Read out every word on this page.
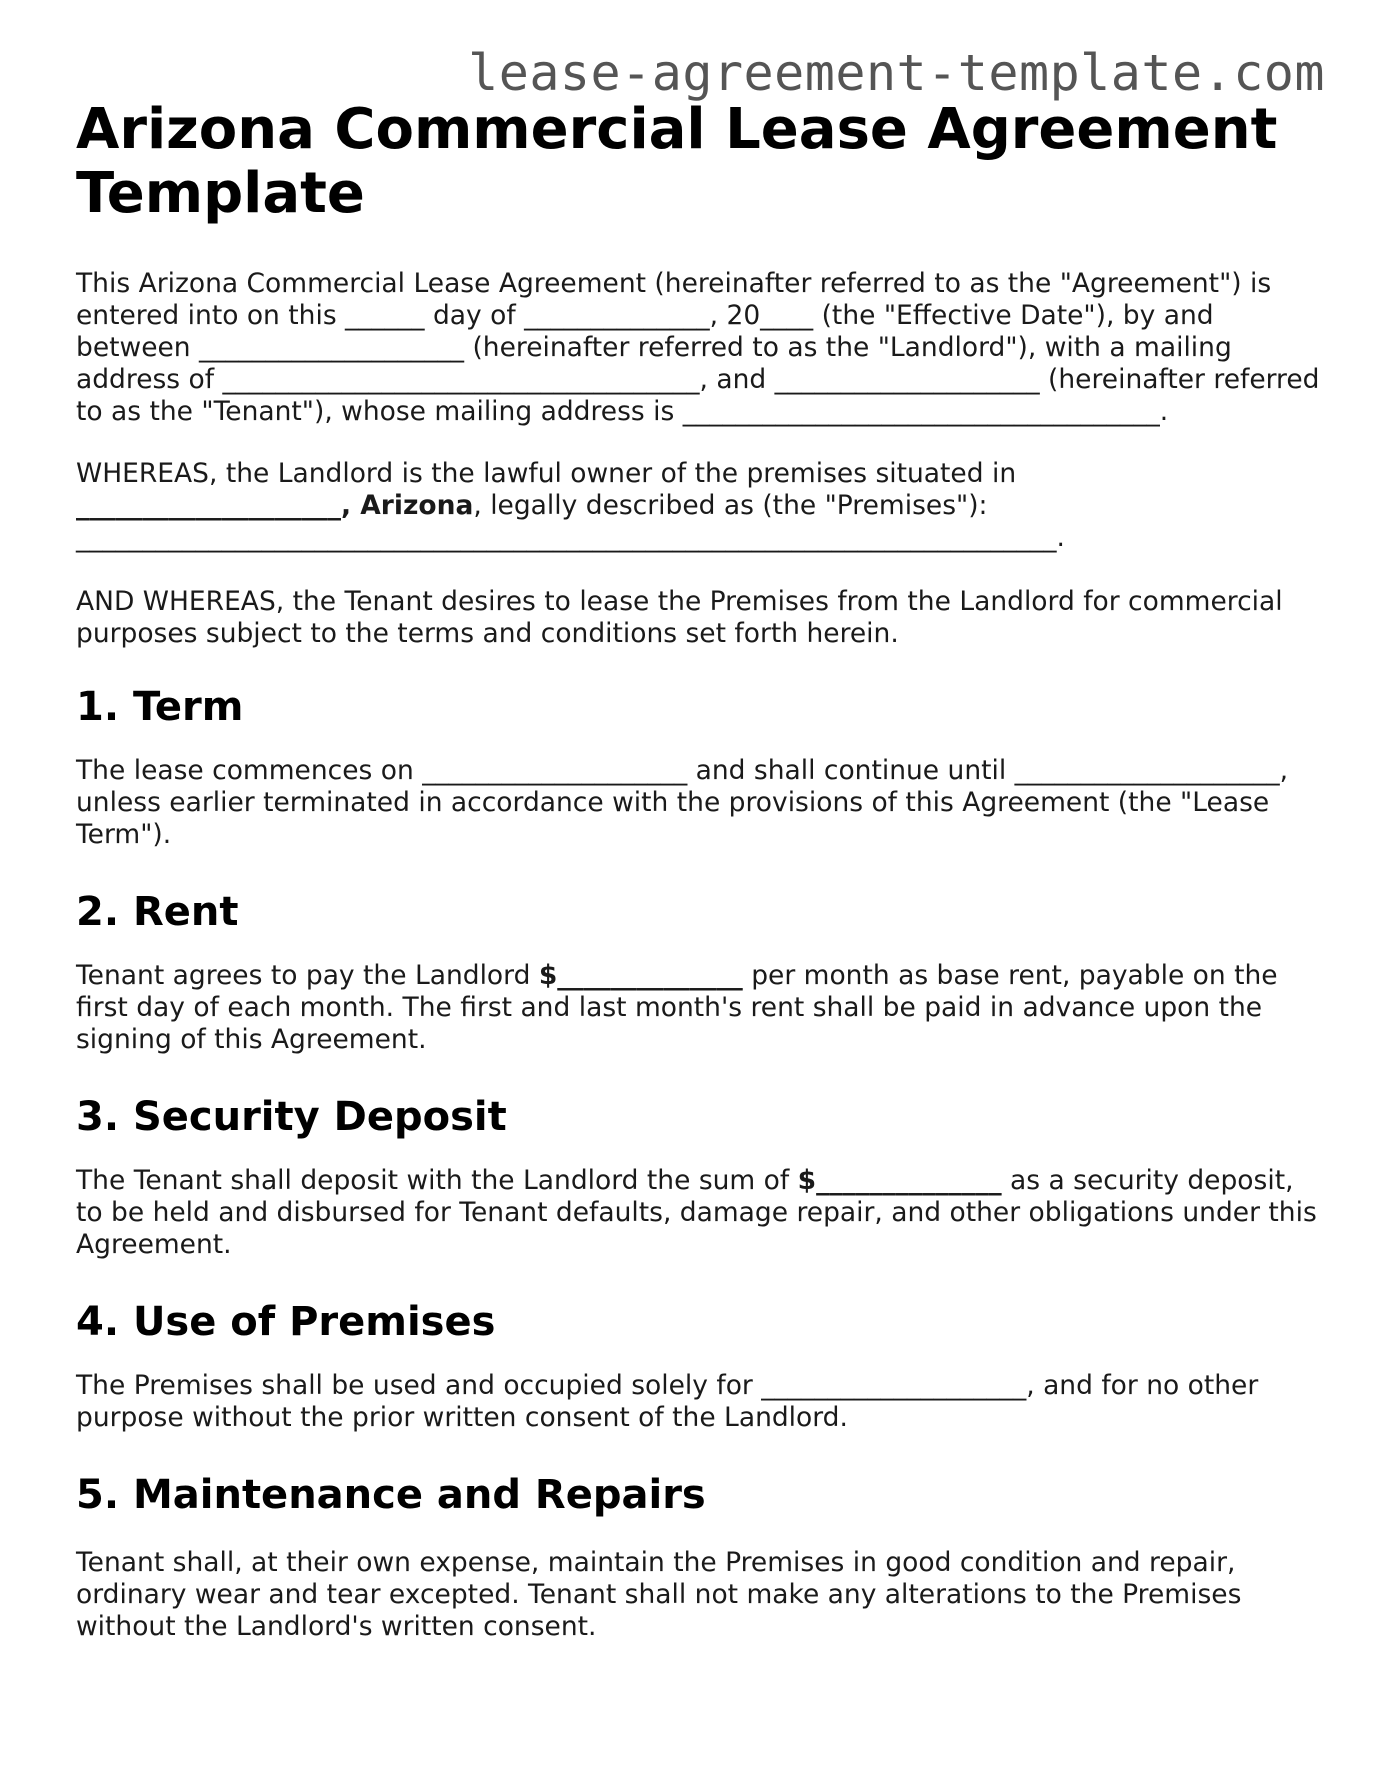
lease-agreement-template.com
Arizona Commercial Lease Agreement Template

This Arizona Commercial Lease Agreement (hereinafter referred to as the "Agreement") is entered into on this ______ day of ______________, 20____ (the "Effective Date"), by and between ____________________ (hereinafter referred to as the "Landlord"), with a mailing address of ____________________________________, and ____________________ (hereinafter referred to as the "Tenant"), whose mailing address is ____________________________________.

WHEREAS, the Landlord is the lawful owner of the premises situated in
____________________, Arizona, legally described as (the "Premises"):
__________________________________________________________________________.

AND WHEREAS, the Tenant desires to lease the Premises from the Landlord for commercial purposes subject to the terms and conditions set forth herein.

1. Term

The lease commences on ____________________ and shall continue until ____________________, unless earlier terminated in accordance with the provisions of this Agreement (the "Lease Term").

2. Rent

Tenant agrees to pay the Landlord $______________ per month as base rent, payable on the first day of each month. The first and last month's rent shall be paid in advance upon the signing of this Agreement.

3. Security Deposit

The Tenant shall deposit with the Landlord the sum of $______________ as a security deposit, to be held and disbursed for Tenant defaults, damage repair, and other obligations under this Agreement.

4. Use of Premises

The Premises shall be used and occupied solely for ____________________, and for no other purpose without the prior written consent of the Landlord.

5. Maintenance and Repairs

Tenant shall, at their own expense, maintain the Premises in good condition and repair, ordinary wear and tear excepted. Tenant shall not make any alterations to the Premises without the Landlord's written consent.
